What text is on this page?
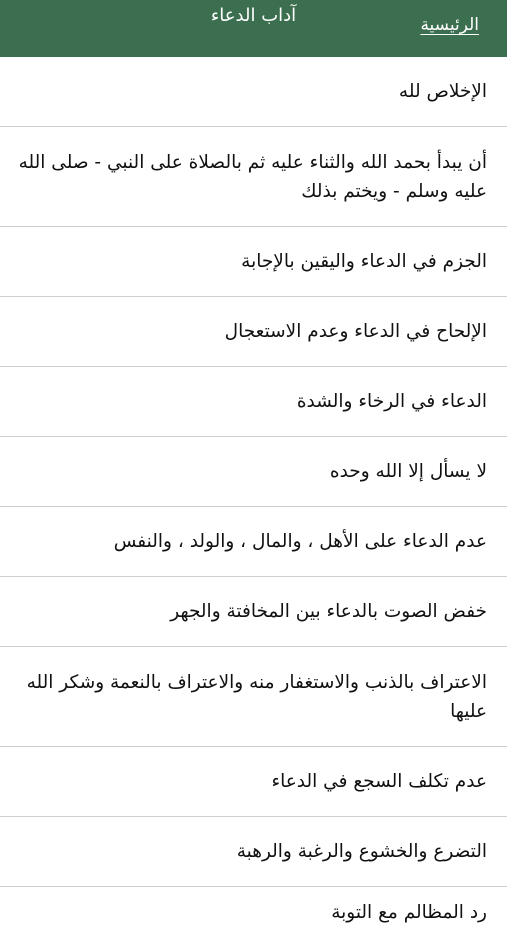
الرئيسية
آداب الدعاء
الإخلاص لله
أن يبدأ بحمد الله والثناء عليه ثم بالصلاة على النبي - صلى الله عليه وسلم - ويختم بذلك
الجزم في الدعاء واليقين بالإجابة
الإلحاح في الدعاء وعدم الاستعجال
الدعاء في الرخاء والشدة
لا يسأل إلا الله وحده
عدم الدعاء على الأهل ، والمال ، والولد ، والنفس
خفض الصوت بالدعاء بين المخافتة والجهر
الاعتراف بالذنب والاستغفار منه والاعتراف بالنعمة وشكر الله عليها
عدم تكلف السجع في الدعاء
التضرع والخشوع والرغبة والرهبة
رد المظالم مع التوبة
